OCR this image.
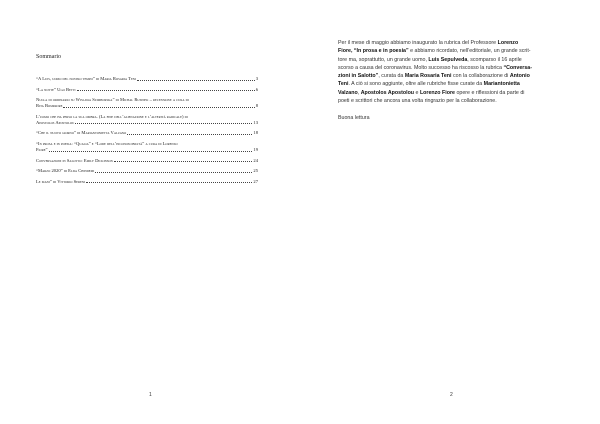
Sommario
“A Luis, uomo del nostro tempo” di Maria Rosaria Teni	3
“La notte” Ugo Betti	6
Nulla di ordinario su Wislawa Szimborska” di Michal Rusinek – recensione a cura di
Rita Bompadre	8
L’uomo che ha perso la sua ombra. (La fine dell’alienazione e l’alterità radicale) di
Apostolos Apostolou	13
“Che il nuovo giorno” di Mariantonietta Valzano	18
“In prosa e in poesia: “Qualia” e “Lode dell’inconoscibilità” a cura di Lorenzo
Fiore”	19
Conversazioni in Salotto: Emily Dickinson	24
“Marzo 2020” di Elda Chindemi	25
Le mani” di Vittorio Sereni	27
1
Per il mese di maggio abbiamo inaugurato la rubrica del Professore Lorenzo
Fiore, “In prosa e in poesia” e abbiamo ricordato, nell’editoriale, un grande scrit-
tore ma, soprattutto, un grande uomo, Luis Sepulveda, scomparso il 16 aprile
scorso a causa del coronavirus. Molto successo ha riscosso la rubrica “Conversa-
zioni in Salotto”, curata da Maria Rosaria Teni con la collaborazione di Antonio
Teni. A ciò si sono aggiunte, oltre alle rubriche fisse curate da Mariantonietta
Valzano, Apostolos Apostolou e Lorenzo Fiore opere e riflessioni da parte di
poeti e scrittori che ancora una volta ringrazio per la collaborazione.
Buona lettura
2
